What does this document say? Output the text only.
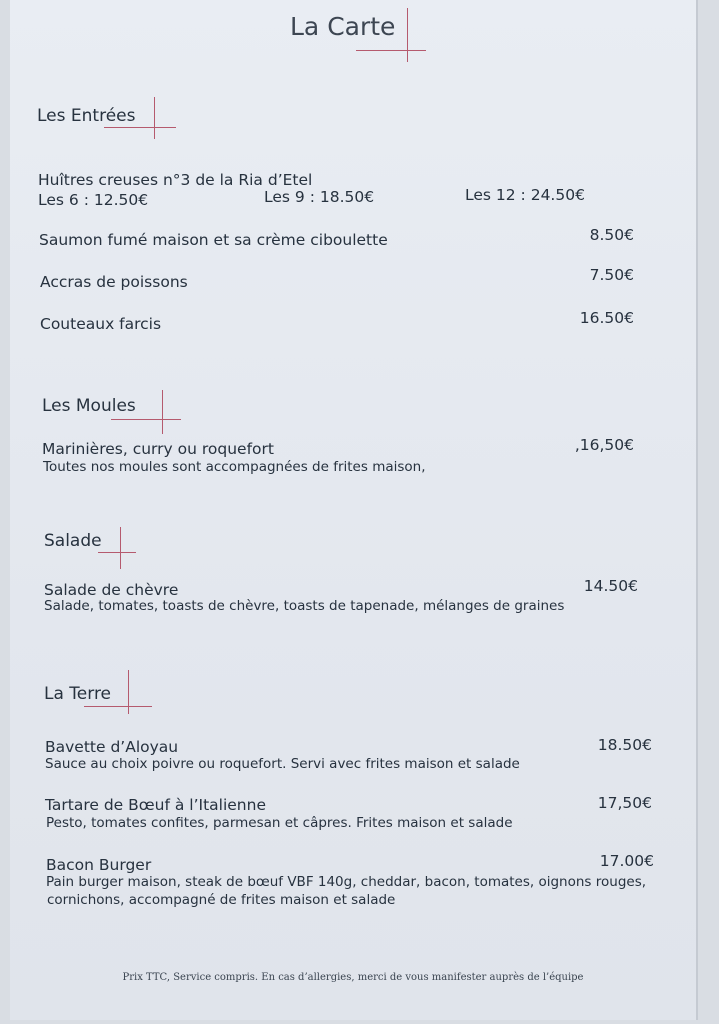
La Carte
Les Entrées
Huîtres creuses n°3 de la Ria d’Etel
Les 6 : 12.50€	Les 9 : 18.50€	Les 12 : 24.50€
Saumon fumé maison et sa crème ciboulette	8.50€
Accras de poissons	7.50€
Couteaux farcis	16.50€
Les Moules
Marinières, curry ou roquefort	,16,50€
Toutes nos moules sont accompagnées de frites maison,
Salade
Salade de chèvre	14.50€
Salade, tomates, toasts de chèvre, toasts de tapenade, mélanges de graines
La Terre
Bavette d’Aloyau	18.50€
Sauce au choix poivre ou roquefort. Servi avec frites maison et salade
Tartare de Bœuf à l’Italienne	17,50€
Pesto, tomates confites, parmesan et câpres. Frites maison et salade
Bacon Burger	17.00€
Pain burger maison, steak de bœuf VBF 140g, cheddar, bacon, tomates, oignons rouges,
cornichons, accompagné de frites maison et salade
Prix TTC, Service compris. En cas d’allergies, merci de vous manifester auprès de l’équipe
